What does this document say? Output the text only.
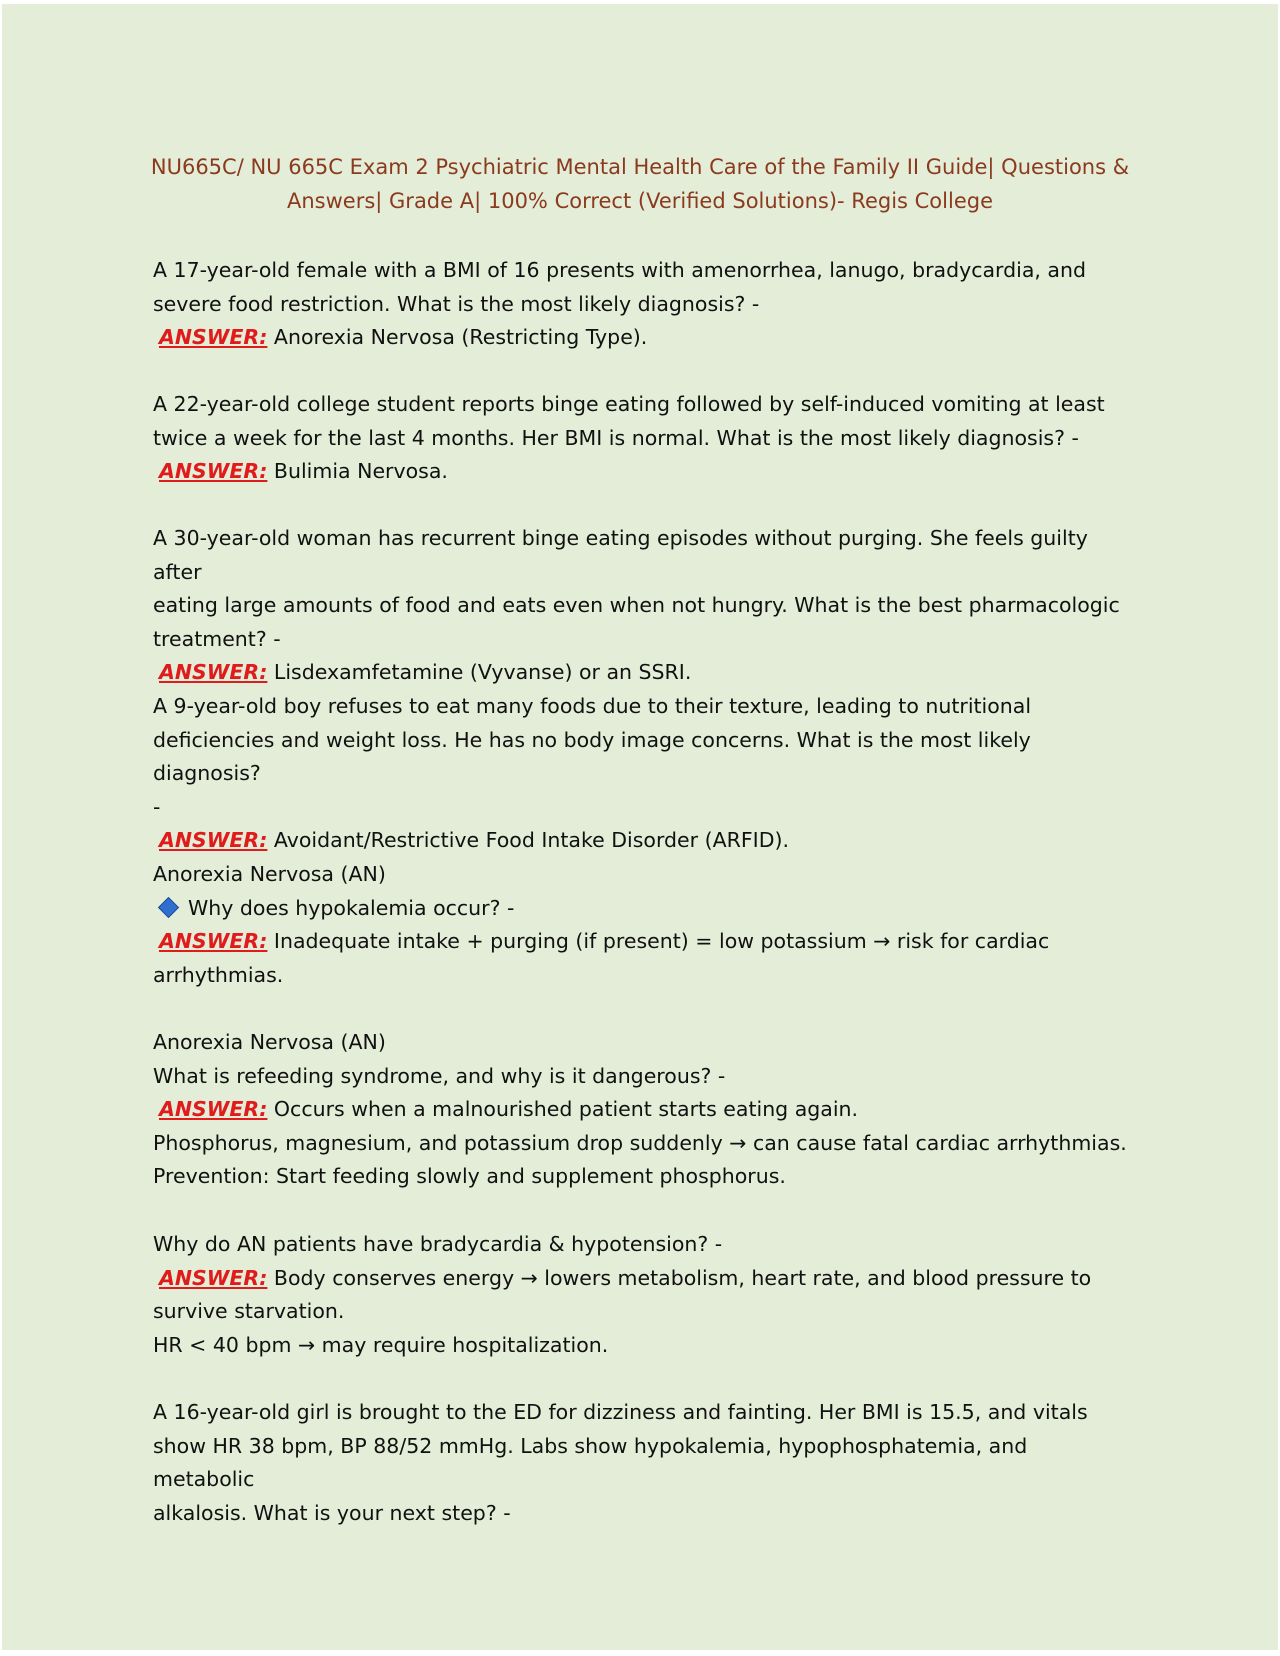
NU665C/ NU 665C Exam 2 Psychiatric Mental Health Care of the Family II Guide| Questions &
Answers| Grade A| 100% Correct (Verified Solutions)- Regis College

A 17-year-old female with a BMI of 16 presents with amenorrhea, lanugo, bradycardia, and

severe food restriction. What is the most likely diagnosis? -

ANSWER: Anorexia Nervosa (Restricting Type).

A 22-year-old college student reports binge eating followed by self-induced vomiting at least

twice a week for the last 4 months. Her BMI is normal. What is the most likely diagnosis? -

ANSWER: Bulimia Nervosa.

A 30-year-old woman has recurrent binge eating episodes without purging. She feels guilty after

eating large amounts of food and eats even when not hungry. What is the best pharmacologic

treatment? -

ANSWER: Lisdexamfetamine (Vyvanse) or an SSRI.

A 9-year-old boy refuses to eat many foods due to their texture, leading to nutritional

deficiencies and weight loss. He has no body image concerns. What is the most likely diagnosis?

-

ANSWER: Avoidant/Restrictive Food Intake Disorder (ARFID).

Anorexia Nervosa (AN)

Why does hypokalemia occur? -

ANSWER: Inadequate intake + purging (if present) = low potassium → risk for cardiac

arrhythmias.

Anorexia Nervosa (AN)

What is refeeding syndrome, and why is it dangerous? -

ANSWER: Occurs when a malnourished patient starts eating again.

Phosphorus, magnesium, and potassium drop suddenly → can cause fatal cardiac arrhythmias.

Prevention: Start feeding slowly and supplement phosphorus.

Why do AN patients have bradycardia & hypotension? -

ANSWER: Body conserves energy → lowers metabolism, heart rate, and blood pressure to

survive starvation.

HR < 40 bpm → may require hospitalization.

A 16-year-old girl is brought to the ED for dizziness and fainting. Her BMI is 15.5, and vitals

show HR 38 bpm, BP 88/52 mmHg. Labs show hypokalemia, hypophosphatemia, and metabolic

alkalosis. What is your next step? -
